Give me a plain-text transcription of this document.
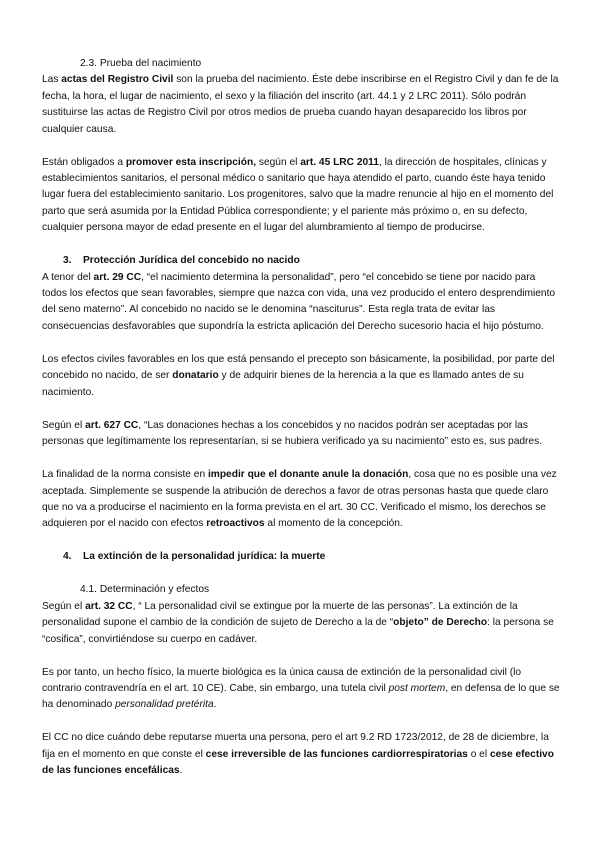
2.3. Prueba del nacimiento

Las actas del Registro Civil son la prueba del nacimiento. Éste debe inscribirse en el Registro Civil y dan fe de la fecha, la hora, el lugar de nacimiento, el sexo y la filiación del inscrito (art. 44.1 y 2 LRC 2011). Sólo podrán sustituirse las actas de Registro Civil por otros medios de prueba cuando hayan desaparecido los libros por cualquier causa.

Están obligados a promover esta inscripción, según el art. 45 LRC 2011, la dirección de hospitales, clínicas y establecimientos sanitarios, el personal médico o sanitario que haya atendido el parto, cuando éste haya tenido lugar fuera del establecimiento sanitario. Los progenitores, salvo que la madre renuncie al hijo en el momento del parto que será asumida por la Entidad Pública correspondiente; y el pariente más próximo o, en su defecto, cualquier persona mayor de edad presente en el lugar del alumbramiento al tiempo de producirse.

3. Protección Jurídica del concebido no nacido

A tenor del art. 29 CC, “el nacimiento determina la personalidad”, pero “el concebido se tiene por nacido para todos los efectos que sean favorables, siempre que nazca con vida, una vez producido el entero desprendimiento del seno materno”. Al concebido no nacido se le denomina “nasciturus”. Esta regla trata de evitar las consecuencias desfavorables que supondría la estricta aplicación del Derecho sucesorio hacia el hijo póstumo.

Los efectos civiles favorables en los que está pensando el precepto son básicamente, la posibilidad, por parte del concebido no nacido, de ser donatario y de adquirir bienes de la herencia a la que es llamado antes de su nacimiento.

Según el art. 627 CC, “Las donaciones hechas a los concebidos y no nacidos podrán ser aceptadas por las personas que legítimamente los representarían, si se hubiera verificado ya su nacimiento” esto es, sus padres.

La finalidad de la norma consiste en impedir que el donante anule la donación, cosa que no es posible una vez aceptada. Simplemente se suspende la atribución de derechos a favor de otras personas hasta que quede claro que no va a producirse el nacimiento en la forma prevista en el art. 30 CC. Verificado el mismo, los derechos se adquieren por el nacido con efectos retroactivos al momento de la concepción.

4. La extinción de la personalidad jurídica: la muerte

4.1. Determinación y efectos

Según el art. 32 CC, “ La personalidad civil se extingue por la muerte de las personas”. La extinción de la personalidad supone el cambio de la condición de sujeto de Derecho a la de “objeto” de Derecho: la persona se “cosifica”, convirtiéndose su cuerpo en cadáver.

Es por tanto, un hecho físico, la muerte biológica es la única causa de extinción de la personalidad civil (lo contrario contravendría en el art. 10 CE). Cabe, sin embargo, una tutela civil post mortem, en defensa de lo que se ha denominado personalidad pretérita.

El CC no dice cuándo debe reputarse muerta una persona, pero el art 9.2 RD 1723/2012, de 28 de diciembre, la fija en el momento en que conste el cese irreversible de las funciones cardiorrespiratorias o el cese efectivo de las funciones encefálicas.
